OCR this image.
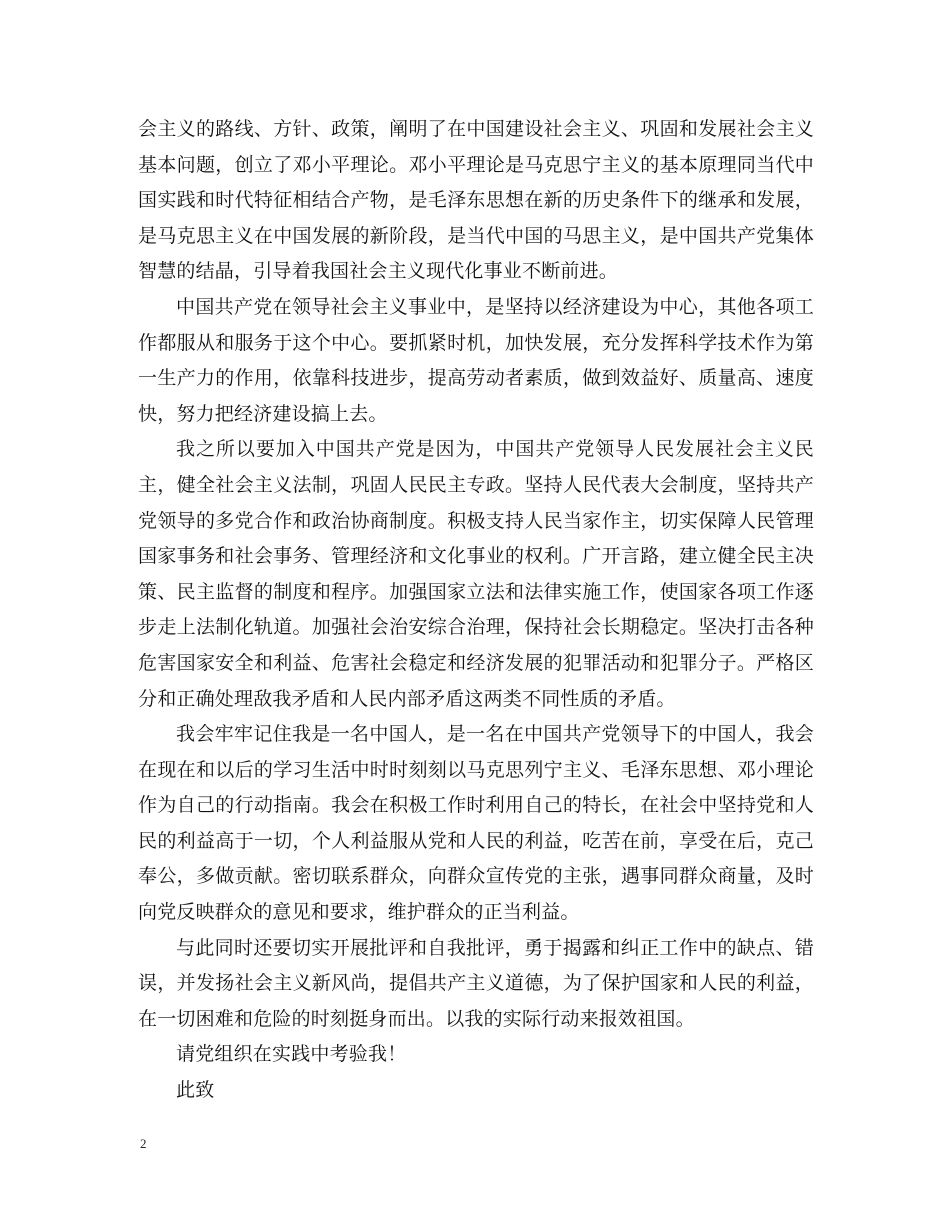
会主义的路线、方针、政策，阐明了在中国建设社会主义、巩固和发展社会主义基本问题，创立了邓小平理论。邓小平理论是马克思宁主义的基本原理同当代中国实践和时代特征相结合产物，是毛泽东思想在新的历史条件下的继承和发展，是马克思主义在中国发展的新阶段，是当代中国的马思主义，是中国共产党集体智慧的结晶，引导着我国社会主义现代化事业不断前进。

中国共产党在领导社会主义事业中，是坚持以经济建设为中心，其他各项工作都服从和服务于这个中心。要抓紧时机，加快发展，充分发挥科学技术作为第一生产力的作用，依靠科技进步，提高劳动者素质，做到效益好、质量高、速度快，努力把经济建设搞上去。

我之所以要加入中国共产党是因为，中国共产党领导人民发展社会主义民主，健全社会主义法制，巩固人民民主专政。坚持人民代表大会制度，坚持共产党领导的多党合作和政治协商制度。积极支持人民当家作主，切实保障人民管理国家事务和社会事务、管理经济和文化事业的权利。广开言路，建立健全民主决策、民主监督的制度和程序。加强国家立法和法律实施工作，使国家各项工作逐步走上法制化轨道。加强社会治安综合治理，保持社会长期稳定。坚决打击各种危害国家安全和利益、危害社会稳定和经济发展的犯罪活动和犯罪分子。严格区分和正确处理敌我矛盾和人民内部矛盾这两类不同性质的矛盾。

我会牢牢记住我是一名中国人，是一名在中国共产党领导下的中国人，我会在现在和以后的学习生活中时时刻刻以马克思列宁主义、毛泽东思想、邓小理论作为自己的行动指南。我会在积极工作时利用自己的特长，在社会中坚持党和人民的利益高于一切，个人利益服从党和人民的利益，吃苦在前，享受在后，克己奉公，多做贡献。密切联系群众，向群众宣传党的主张，遇事同群众商量，及时向党反映群众的意见和要求，维护群众的正当利益。

与此同时还要切实开展批评和自我批评，勇于揭露和纠正工作中的缺点、错误，并发扬社会主义新风尚，提倡共产主义道德，为了保护国家和人民的利益，在一切困难和危险的时刻挺身而出。以我的实际行动来报效祖国。

请党组织在实践中考验我！

此致

2
